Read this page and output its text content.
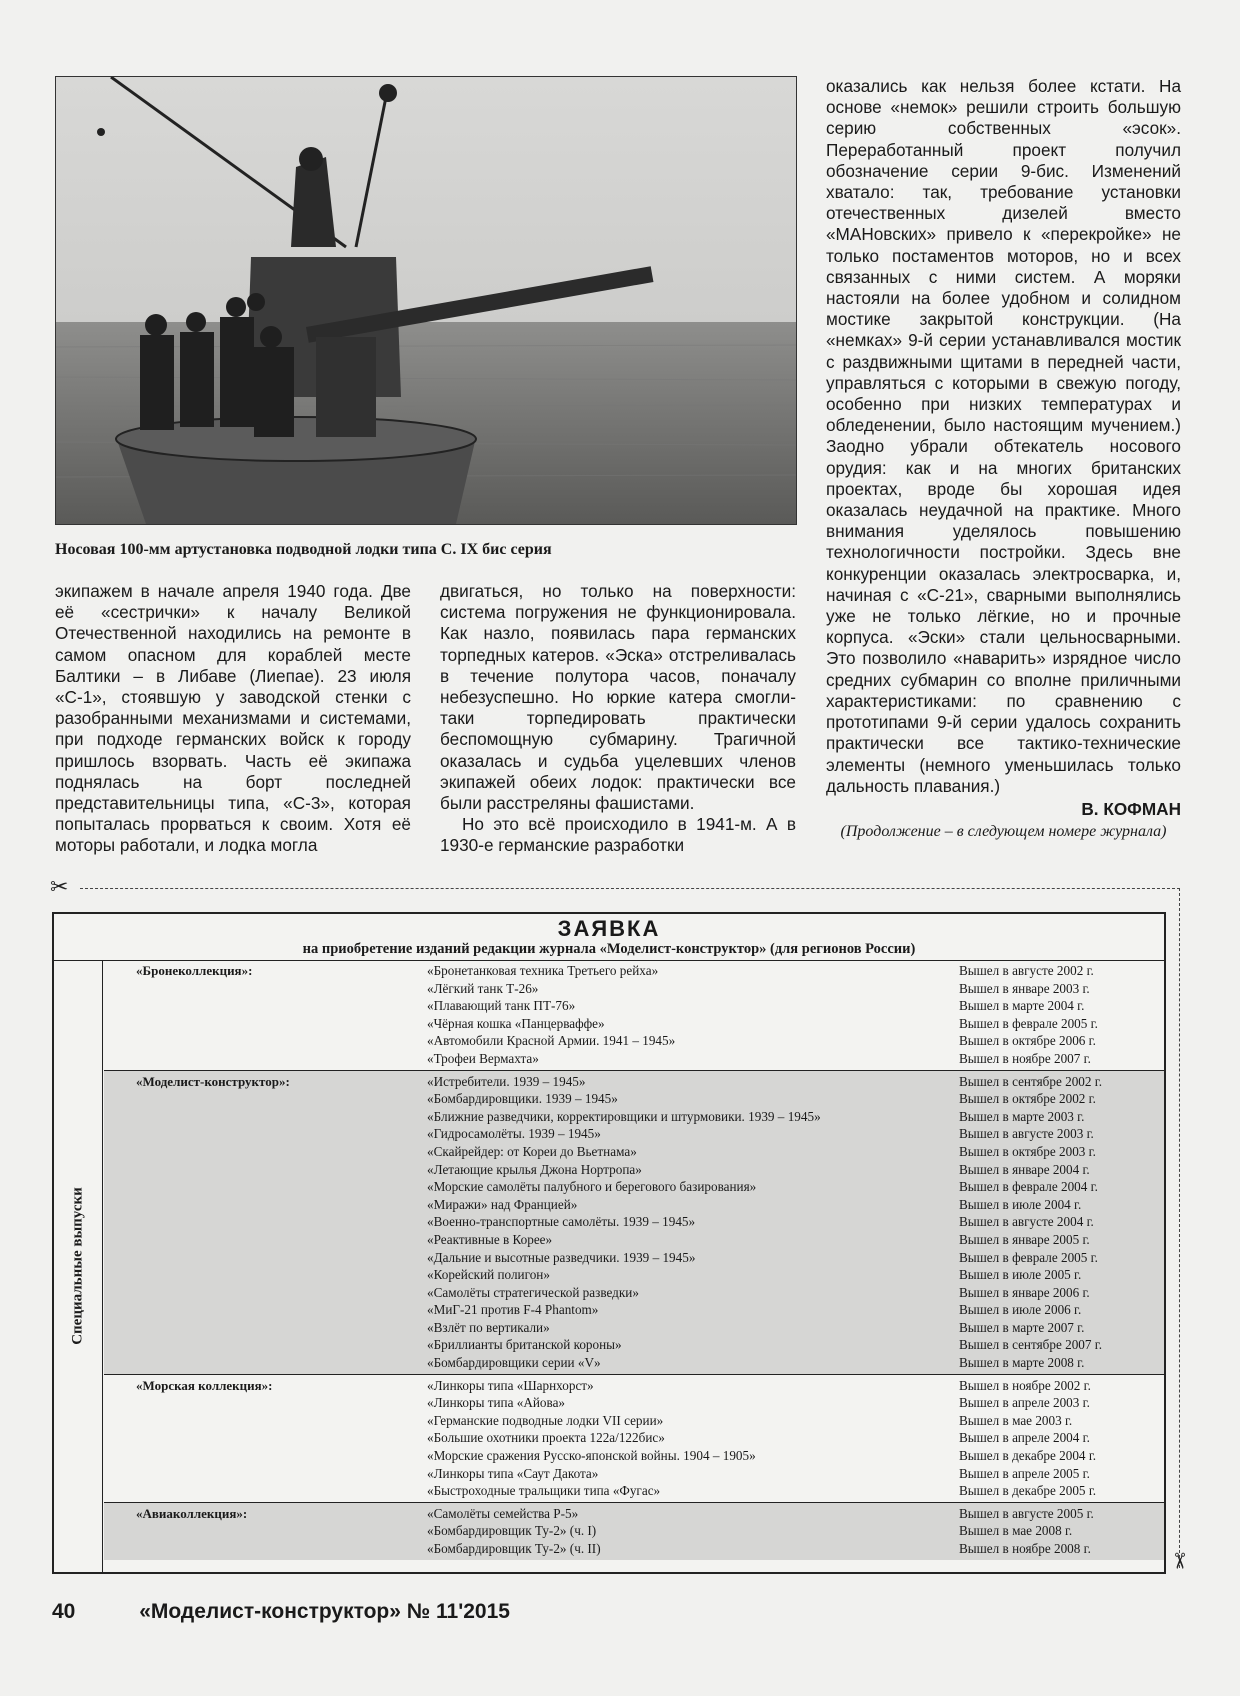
Носовая 100-мм артустановка подводной лодки типа С. IX бис серия

экипажем в начале апреля 1940 года. Две её «сестрички» к началу Великой Отечественной находились на ремонте в самом опасном для кораблей месте Балтики – в Либаве (Лиепае). 23 июля «С-1», стоявшую у заводской стенки с разобранными механизмами и системами, при подходе германских войск к городу пришлось взорвать. Часть её экипажа поднялась на борт последней представительницы типа, «С-3», которая попыталась прорваться к своим. Хотя её моторы работали, и лодка могла

двигаться, но только на поверхности: система погружения не функционировала. Как назло, появилась пара германских торпедных катеров. «Эска» отстреливалась в течение полутора часов, поначалу небезуспешно. Но юркие катера смогли-таки торпедировать практически беспомощную субмарину. Трагичной оказалась и судьба уцелевших членов экипажей обеих лодок: практически все были расстреляны фашистами.

Но это всё происходило в 1941-м. А в 1930-е германские разработки

оказались как нельзя более кстати. На основе «немок» решили строить большую серию собственных «эсок». Переработанный проект получил обозначение серии 9-бис. Изменений хватало: так, требование установки отечественных дизелей вместо «МАНовских» привело к «перекройке» не только постаментов моторов, но и всех связанных с ними систем. А моряки настояли на более удобном и солидном мостике закрытой конструкции. (На «немках» 9-й серии устанавливался мостик с раздвижными щитами в передней части, управляться с которыми в свежую погоду, особенно при низких температурах и обледенении, было настоящим мучением.) Заодно убрали обтекатель носового орудия: как и на многих британских проектах, вроде бы хорошая идея оказалась неудачной на практике. Много внимания уделялось повышению технологичности постройки. Здесь вне конкуренции оказалась электросварка, и, начиная с «С-21», сварными выполнялись уже не только лёгкие, но и прочные корпуса. «Эски» стали цельносварными. Это позволило «наварить» изрядное число средних субмарин со вполне приличными характеристиками: по сравнению с прототипами 9-й серии удалось сохранить практически все тактико-технические элементы (немного уменьшилась только дальность плавания.)

В. КОФМАН
(Продолжение – в следующем номере журнала)
✂
✂
ЗАЯВКА
на приобретение изданий редакции журнала «Моделист-конструктор» (для регионов России)
Специальные выпуски
«Бронеколлекция»:	«Бронетанковая техника Третьего рейха»	Вышел в августе 2002 г.
«Лёгкий танк Т-26»	Вышел в январе 2003 г.
«Плавающий танк ПТ-76»	Вышел в марте 2004 г.
«Чёрная кошка «Панцерваффе»	Вышел в феврале 2005 г.
«Автомобили Красной Армии. 1941 – 1945»	Вышел в октябре 2006 г.
«Трофеи Вермахта»	Вышел в ноябре 2007 г.
«Моделист-конструктор»:	«Истребители. 1939 – 1945»	Вышел в сентябре 2002 г.
«Бомбардировщики. 1939 – 1945»	Вышел в октябре 2002 г.
«Ближние разведчики, корректировщики и штурмовики. 1939 – 1945»	Вышел в марте 2003 г.
«Гидросамолёты. 1939 – 1945»	Вышел в августе 2003 г.
«Скайрейдер: от Кореи до Вьетнама»	Вышел в октябре 2003 г.
«Летающие крылья Джона Нортропа»	Вышел в январе 2004 г.
«Морские самолёты палубного и берегового базирования»	Вышел в феврале 2004 г.
«Миражи» над Францией»	Вышел в июле 2004 г.
«Военно-транспортные самолёты. 1939 – 1945»	Вышел в августе 2004 г.
«Реактивные в Корее»	Вышел в январе 2005 г.
«Дальние и высотные разведчики. 1939 – 1945»	Вышел в феврале 2005 г.
«Корейский полигон»	Вышел в июле 2005 г.
«Самолёты стратегической разведки»	Вышел в январе 2006 г.
«МиГ-21 против F-4 Phantom»	Вышел в июле 2006 г.
«Взлёт по вертикали»	Вышел в марте 2007 г.
«Бриллианты британской короны»	Вышел в сентябре 2007 г.
«Бомбардировщики серии «V»	Вышел в марте 2008 г.
«Морская коллекция»:	«Линкоры типа «Шарнхорст»	Вышел в ноябре 2002 г.
«Линкоры типа «Айова»	Вышел в апреле 2003 г.
«Германские подводные лодки VII серии»	Вышел в мае 2003 г.
«Большие охотники проекта 122а/122бис»	Вышел в апреле 2004 г.
«Морские сражения Русско-японской войны. 1904 – 1905»	Вышел в декабре 2004 г.
«Линкоры типа «Саут Дакота»	Вышел в апреле 2005 г.
«Быстроходные тральщики типа «Фугас»	Вышел в декабре 2005 г.
«Авиаколлекция»:	«Самолёты семейства Р-5»	Вышел в августе 2005 г.
«Бомбардировщик Ту-2» (ч. I)	Вышел в мае 2008 г.
«Бомбардировщик Ту-2» (ч. II)	Вышел в ноябре 2008 г.
40	«Моделист-конструктор» № 11'2015
